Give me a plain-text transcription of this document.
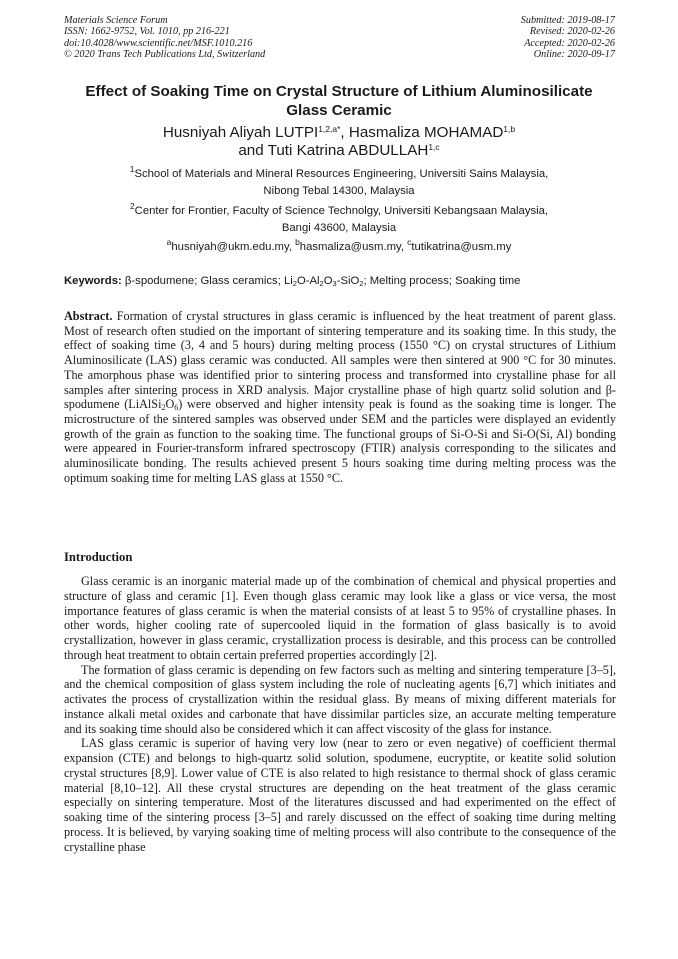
Materials Science Forum
ISSN: 1662-9752, Vol. 1010, pp 216-221
doi:10.4028/www.scientific.net/MSF.1010.216
© 2020 Trans Tech Publications Ltd, Switzerland
Submitted: 2019-08-17
Revised: 2020-02-26
Accepted: 2020-02-26
Online: 2020-09-17
Effect of Soaking Time on Crystal Structure of Lithium Aluminosilicate
Glass Ceramic
Husniyah Aliyah $LUTPI^{1,2,a*}$, Hasmaliza MOHAMAD$^{1,b}$
and Tuti Katrina ABDULLAH$^{1,c}$
$^1$School of Materials and Mineral Resources Engineering, Universiti Sains Malaysia,
Nibong Tebal 14300, Malaysia
$^2$Center for Frontier, Faculty of Science Technolgy, Universiti Kebangsaan Malaysia,
Bangi 43600, Malaysia
$^a$husniyah@ukm.edu.my, $^b$hasmaliza@usm.my, $^c$tutikatrina@usm.my
Keywords: β-spodumene; Glass ceramics; $Li_2O-Al_2O_3-SiO_2$; Melting process; Soaking time
Abstract. Formation of crystal structures in glass ceramic is influenced by the heat treatment of parent glass. Most of research often studied on the important of sintering temperature and its soaking time. In this study, the effect of soaking time (3, 4 and 5 hours) during melting process (1550 °C) on crystal structures of Lithium Aluminosilicate (LAS) glass ceramic was conducted. All samples were then sintered at 900 °C for 30 minutes. The amorphous phase was identified prior to sintering process and transformed into crystalline phase for all samples after sintering process in XRD analysis. Major crystalline phase of high quartz solid solution and β-spodumene $(LiAlSi_2O_6)$ were observed and higher intensity peak is found as the soaking time is longer. The microstructure of the sintered samples was observed under SEM and the particles were displayed an evidently growth of the grain as function to the soaking time. The functional groups of Si-O-Si and Si-O(Si, Al) bonding were appeared in Fourier-transform infrared spectroscopy (FTIR) analysis corresponding to the silicates and aluminosilicate bonding. The results achieved present 5 hours soaking time during melting process was the optimum soaking time for melting LAS glass at 1550 °C.
Introduction

Glass ceramic is an inorganic material made up of the combination of chemical and physical properties and structure of glass and ceramic [1]. Even though glass ceramic may look like a glass or vice versa, the most importance features of glass ceramic is when the material consists of at least 5 to 95% of crystalline phases. In other words, higher cooling rate of supercooled liquid in the formation of glass basically is to avoid crystallization, however in glass ceramic, crystallization process is desirable, and this process can be controlled through heat treatment to obtain certain preferred properties accordingly [2].

The formation of glass ceramic is depending on few factors such as melting and sintering temperature [3–5], and the chemical composition of glass system including the role of nucleating agents [6,7] which initiates and activates the process of crystallization within the residual glass. By means of mixing different materials for instance alkali metal oxides and carbonate that have dissimilar particles size, an accurate melting temperature and its soaking time should also be considered which it can affect viscosity of the glass for instance.

LAS glass ceramic is superior of having very low (near to zero or even negative) of coefficient thermal expansion (CTE) and belongs to high-quartz solid solution, spodumene, eucryptite, or keatite solid solution crystal structures [8,9]. Lower value of CTE is also related to high resistance to thermal shock of glass ceramic material [8,10–12]. All these crystal structures are depending on the heat treatment of the glass ceramic especially on sintering temperature. Most of the literatures discussed and had experimented on the effect of soaking time of the sintering process [3–5] and rarely discussed on the effect of soaking time during melting process. It is believed, by varying soaking time of melting process will also contribute to the consequence of the crystalline phase
